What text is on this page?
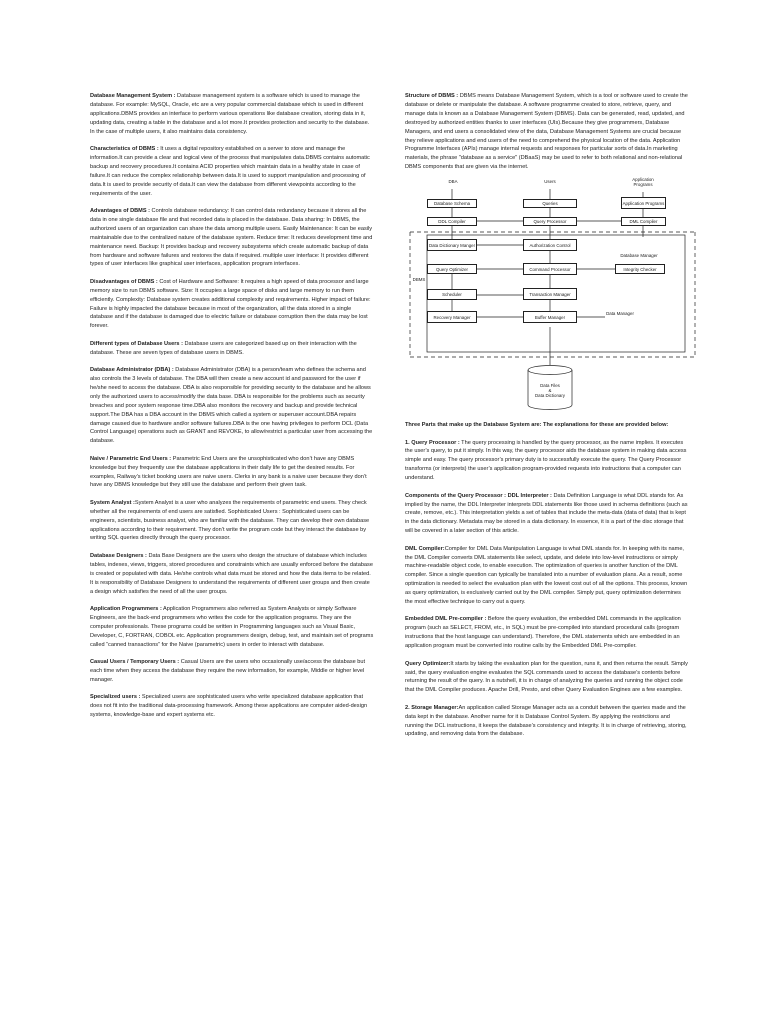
Database Management System : Database management system is a software which is used to manage the database. For example: MySQL, Oracle, etc are a very popular commercial database which is used in different applications.DBMS provides an interface to perform various operations like database creation, storing data in it, updating data, creating a table in the database and a lot more.It provides protection and security to the database. In the case of multiple users, it also maintains data consistency.

Characteristics of DBMS : It uses a digital repository established on a server to store and manage the information.It can provide a clear and logical view of the process that manipulates data.DBMS contains automatic backup and recovery procedures.It contains ACID properties which maintain data in a healthy state in case of failure.It can reduce the complex relationship between data.It is used to support manipulation and processing of data.It is used to provide security of data.It can view the database from different viewpoints according to the requirements of the user.

Advantages of DBMS : Controls database redundancy: It can control data redundancy because it stores all the data in one single database file and that recorded data is placed in the database. Data sharing: In DBMS, the authorized users of an organization can share the data among multiple users. Easily Maintenance: It can be easily maintainable due to the centralized nature of the database system. Reduce time: It reduces development time and maintenance need. Backup: It provides backup and recovery subsystems which create automatic backup of data from hardware and software failures and restores the data if required. multiple user interface: It provides different types of user interfaces like graphical user interfaces, application program interfaces.

Disadvantages of DBMS : Cost of Hardware and Software: It requires a high speed of data processor and large memory size to run DBMS software. Size: It occupies a large space of disks and large memory to run them efficiently. Complexity: Database system creates additional complexity and requirements. Higher impact of failure: Failure is highly impacted the database because in most of the organization, all the data stored in a single database and if the database is damaged due to electric failure or database corruption then the data may be lost forever.

Different types of Database Users : Database users are categorized based up on their interaction with the database. These are seven types of database users in DBMS.

Database Administrator (DBA) : Database Administrator (DBA) is a person/team who defines the schema and also controls the 3 levels of database. The DBA will then create a new account id and password for the user if he/she need to access the database. DBA is also responsible for providing security to the database and he allows only the authorized users to access/modify the data base. DBA is responsible for the problems such as security breaches and poor system response time.DBA also monitors the recovery and backup and provide technical support.The DBA has a DBA account in the DBMS which called a system or superuser account.DBA repairs damage caused due to hardware and/or software failures.DBA is the one having privileges to perform DCL (Data Control Language) operations such as GRANT and REVOKE, to allow/restrict a particular user from accessing the database.

Naive / Parametric End Users : Parametric End Users are the unsophisticated who don’t have any DBMS knowledge but they frequently use the database applications in their daily life to get the desired results. For examples, Railway’s ticket booking users are naive users. Clerks in any bank is a naive user because they don’t have any DBMS knowledge but they still use the database and perform their given task.

System Analyst :System Analyst is a user who analyzes the requirements of parametric end users. They check whether all the requirements of end users are satisfied. Sophisticated Users : Sophisticated users can be engineers, scientists, business analyst, who are familiar with the database. They can develop their own database applications according to their requirement. They don’t write the program code but they interact the database by writing SQL queries directly through the query processor.

Database Designers : Data Base Designers are the users who design the structure of database which includes tables, indexes, views, triggers, stored procedures and constraints which are usually enforced before the database is created or populated with data. He/she controls what data must be stored and how the data items to be related. It is responsibility of Database Designers to understand the requirements of different user groups and then create a design which satisfies the need of all the user groups.

Application Programmers : Application Programmers also referred as System Analysts or simply Software Engineers, are the back-end programmers who writes the code for the application programs. They are the computer professionals. These programs could be written in Programming languages such as Visual Basic, Developer, C, FORTRAN, COBOL etc. Application programmers design, debug, test, and maintain set of programs called “canned transactions” for the Naive (parametric) users in order to interact with database.

Casual Users / Temporary Users : Casual Users are the users who occasionally use/access the database but each time when they access the database they require the new information, for example, Middle or higher level manager.

Specialized users : Specialized users are sophisticated users who write specialized database application that does not fit into the traditional data-processing framework. Among these applications are computer aided-design systems, knowledge-base and expert systems etc.

Structure of DBMS : DBMS means Database Management System, which is a tool or software used to create the database or delete or manipulate the database. A software programme created to store, retrieve, query, and manage data is known as a Database Management System (DBMS). Data can be generated, read, updated, and destroyed by authorized entities thanks to user interfaces (UIs).Because they give programmers, Database Managers, and end users a consolidated view of the data, Database Management Systems are crucial because they relieve applications and end users of the need to comprehend the physical location of the data. Application Programme Interfaces (APIs) manage internal requests and responses for particular sorts of data.In marketing materials, the phrase "database as a service" (DBaaS) may be used to refer to both relational and non-relational DBMS components that are given via the internet.

DBA	Users	Application Programs
Database Schema	Queries	Application Programs
DDL Compiler	Query Processor	DML Compiler
Data Dictionary Manger	Authorization Control
Database Manager
Query Optimizer	Command Processor	Integrity Checker
DBMS
Scheduler	Transaction Manager
Recovery Manager	Buffer Manager
Data Manager
Data Files
&
Data Dictionary

Three Parts that make up the Database System are: The explanations for these are provided below:

1. Query Processor : The query processing is handled by the query processor, as the name implies. It executes the user’s query, to put it simply. In this way, the query processor aids the database system in making data access simple and easy. The query processor’s primary duty is to successfully execute the query. The Query Processor transforms (or interprets) the user’s application program-provided requests into instructions that a computer can understand.

Components of the Query Processor : DDL Interpreter : Data Definition Language is what DDL stands for. As implied by the name, the DDL Interpreter interprets DDL statements like those used in schema definitions (such as create, remove, etc.). This interpretation yields a set of tables that include the meta-data (data of data) that is kept in the data dictionary. Metadata may be stored in a data dictionary. In essence, it is a part of the disc storage that will be covered in a later section of this article.

DML Compiler:Compiler for DML Data Manipulation Language is what DML stands for. In keeping with its name, the DML Compiler converts DML statements like select, update, and delete into low-level instructions or simply machine-readable object code, to enable execution. The optimization of queries is another function of the DML compiler. Since a single question can typically be translated into a number of evaluation plans. As a result, some optimization is needed to select the evaluation plan with the lowest cost out of all the options. This process, known as query optimization, is exclusively carried out by the DML compiler. Simply put, query optimization determines the most effective technique to carry out a query.

Embedded DML Pre-compiler : Before the query evaluation, the embedded DML commands in the application program (such as SELECT, FROM, etc., in SQL) must be pre-compiled into standard procedural calls (program instructions that the host language can understand). Therefore, the DML statements which are embedded in an application program must be converted into routine calls by the Embedded DML Pre-compiler.

Query Optimizer:It starts by taking the evaluation plan for the question, runs it, and then returns the result. Simply said, the query evaluation engine evaluates the SQL commands used to access the database’s contents before returning the result of the query. In a nutshell, it is in charge of analyzing the queries and running the object code that the DML Compiler produces. Apache Drill, Presto, and other Query Evaluation Engines are a few examples.

2. Storage Manager:An application called Storage Manager acts as a conduit between the queries made and the data kept in the database. Another name for it is Database Control System. By applying the restrictions and running the DCL instructions, it keeps the database’s consistency and integrity. It is in charge of retrieving, storing, updating, and removing data from the database.
